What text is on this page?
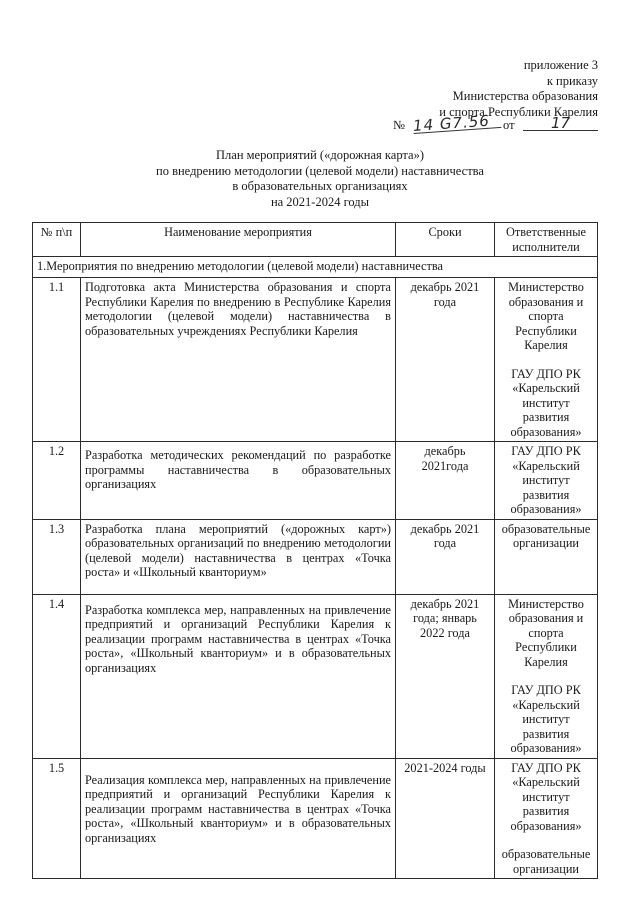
приложение 3
к приказу
Министерства образования
и спорта Республики Карелия
№ 14 G7.56	от	17
План мероприятий («дорожная карта»)
по внедрению методологии (целевой модели) наставничества
в образовательных организациях
на 2021-2024 годы
№ п\п	Наименование мероприятия	Сроки	Ответственные исполнители
1.Мероприятия по внедрению методологии (целевой модели) наставничества			
1.1	Подготовка акта Министерства образования и спорта Республики Карелия по внедрению в Республике Карелия методологии (целевой модели) наставничества в образовательных учреждениях Республики Карелия	декабрь 2021 года	Министерство образования и спорта Республики Карелия
ГАУ ДПО РК «Карельский институт развития образования»
1.2	Разработка методических рекомендаций по разработке программы наставничества в образовательных организациях	декабрь 2021года	ГАУ ДПО РК «Карельский институт развития образования»
1.3	Разработка плана мероприятий («дорожных карт») образовательных организаций по внедрению методологии (целевой модели) наставничества в центрах «Точка роста» и «Школьный кванториум»	декабрь 2021 года	образовательные организации
1.4	Разработка комплекса мер, направленных на привлечение предприятий и организаций Республики Карелия к реализации программ наставничества в центрах «Точка роста», «Школьный кванториум» и в образовательных организациях	декабрь 2021 года; январь 2022 года	Министерство образования и спорта Республики Карелия
ГАУ ДПО РК «Карельский институт развития образования»
1.5	Реализация комплекса мер, направленных на привлечение предприятий и организаций Республики Карелия к реализации программ наставничества в центрах «Точка роста», «Школьный кванториум» и в образовательных организациях	2021-2024 годы	ГАУ ДПО РК «Карельский институт развития образования»
образовательные организации
